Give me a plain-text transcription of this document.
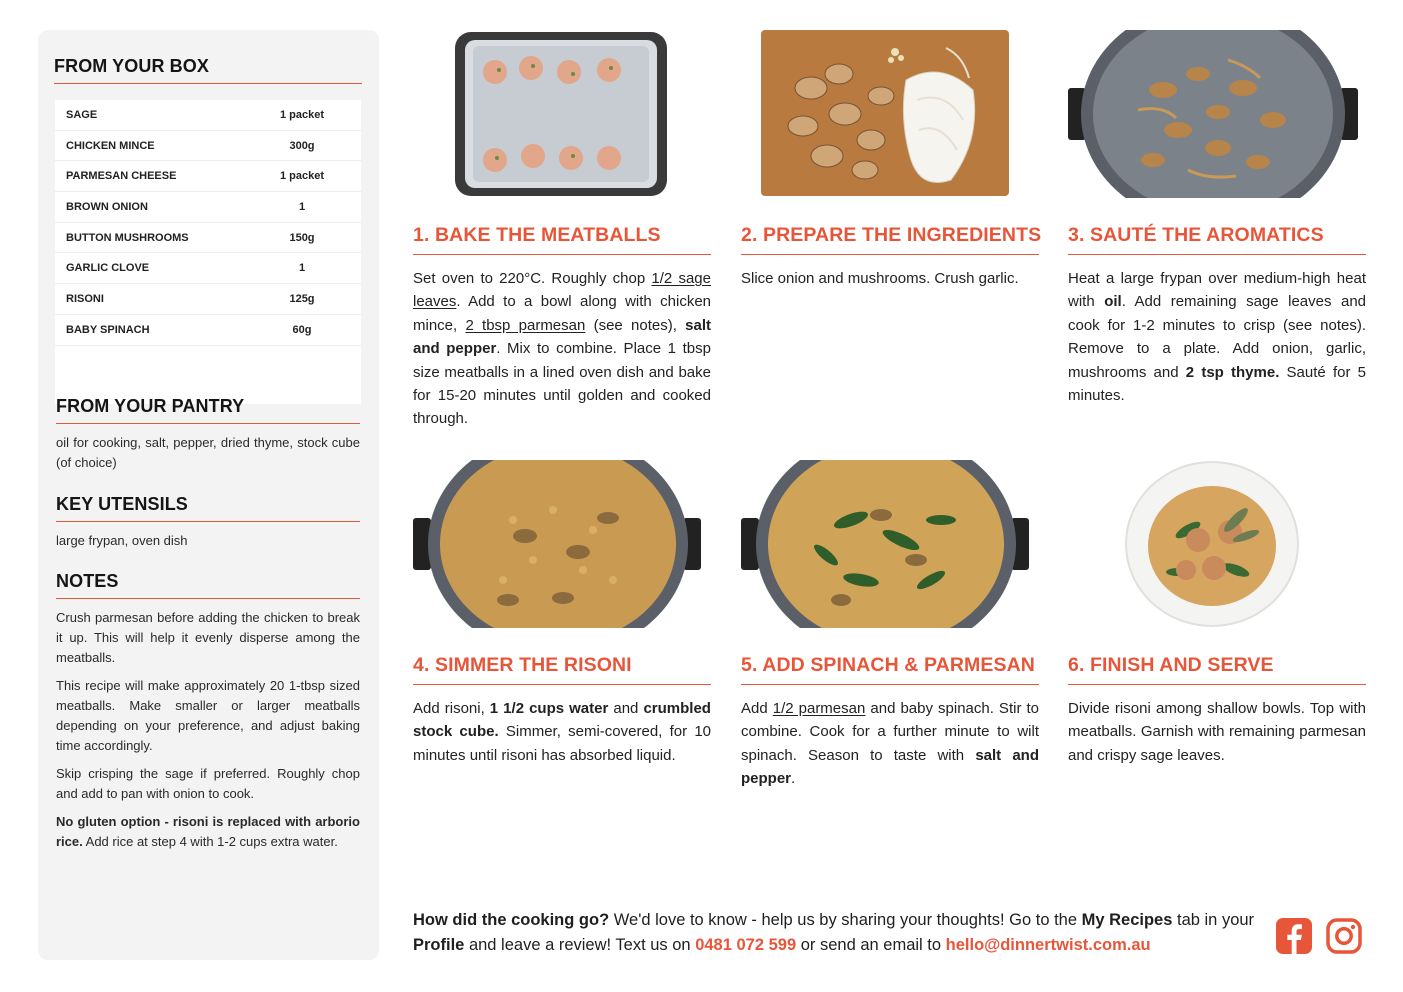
FROM YOUR BOX
SAGE	1 packet
CHICKEN MINCE	300g
PARMESAN CHEESE	1 packet
BROWN ONION	1
BUTTON MUSHROOMS	150g
GARLIC CLOVE	1
RISONI	125g
BABY SPINACH	60g
FROM YOUR PANTRY
oil for cooking, salt, pepper, dried thyme, stock cube (of choice)
KEY UTENSILS
large frypan, oven dish
NOTES

Crush parmesan before adding the chicken to break it up. This will help it evenly disperse among the meatballs.

This recipe will make approximately 20 1-tbsp sized meatballs. Make smaller or larger meatballs depending on your preference, and adjust baking time accordingly.

Skip crisping the sage if preferred. Roughly chop and add to pan with onion to cook.

No gluten option - risoni is replaced with arborio rice. Add rice at step 4 with 1-2 cups extra water.

1. BAKE THE MEATBALLS
Set oven to 220°C. Roughly chop 1/2 sage leaves. Add to a bowl along with chicken mince, 2 tbsp parmesan (see notes), salt and pepper. Mix to combine. Place 1 tbsp size meatballs in a lined oven dish and bake for 15-20 minutes until golden and cooked through.
2. PREPARE THE INGREDIENTS
Slice onion and mushrooms. Crush garlic.
3. SAUTÉ THE AROMATICS
Heat a large frypan over medium-high heat with oil. Add remaining sage leaves and cook for 1-2 minutes to crisp (see notes). Remove to a plate. Add onion, garlic, mushrooms and 2 tsp thyme. Sauté for 5 minutes.
4. SIMMER THE RISONI
Add risoni, 1 1/2 cups water and crumbled stock cube. Simmer, semi-covered, for 10 minutes until risoni has absorbed liquid.
5. ADD SPINACH & PARMESAN
Add 1/2 parmesan and baby spinach. Stir to combine. Cook for a further minute to wilt spinach. Season to taste with salt and pepper.
6. FINISH AND SERVE
Divide risoni among shallow bowls. Top with meatballs. Garnish with remaining parmesan and crispy sage leaves.
How did the cooking go? We'd love to know - help us by sharing your thoughts! Go to the My Recipes tab in your Profile and leave a review! Text us on 0481 072 599 or send an email to hello@dinnertwist.com.au
